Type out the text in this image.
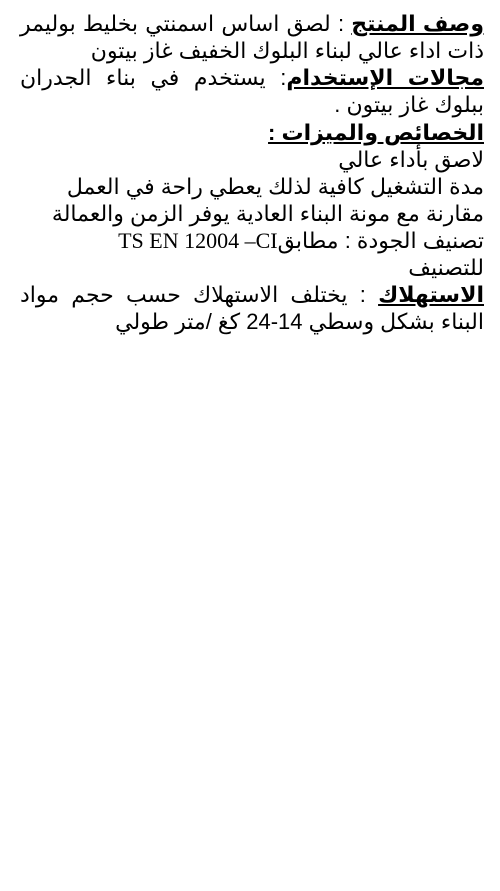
وصف المنتج : لصق اساس اسمنتي بخليط بوليمر ذات اداء عالي لبناء البلوك الخفيف غاز بيتون

مجالات الإستخدام: يستخدم في بناء الجدران ببلوك غاز بيتون .

الخصائص والميزات :
لاصق بأداء عالي
مدة التشغيل كافية لذلك يعطي راحة في العمل
مقارنة مع مونة البناء العادية يوفر الزمن والعمالة
تصنيف الجودة : مطابقTS EN 12004 –CI
للتصنيف

الاستهلاك : يختلف الاستهلاك حسب حجم مواد البناء بشكل وسطي 14-24 كغ /متر طولي
